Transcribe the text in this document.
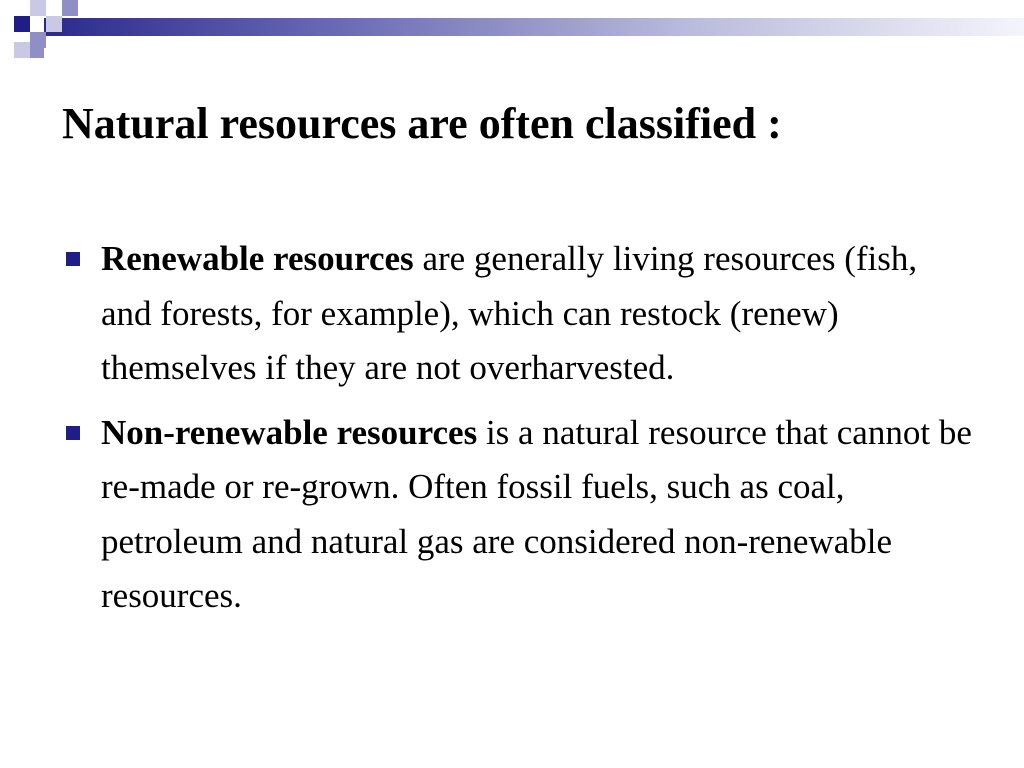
Natural resources are often classified :
Renewable resources are generally living resources (fish, and forests, for example), which can restock (renew) themselves if they are not overharvested.
Non-renewable resources is a natural resource that cannot be re-made or re-grown. Often fossil fuels, such as coal, petroleum and natural gas are considered non-renewable resources.
